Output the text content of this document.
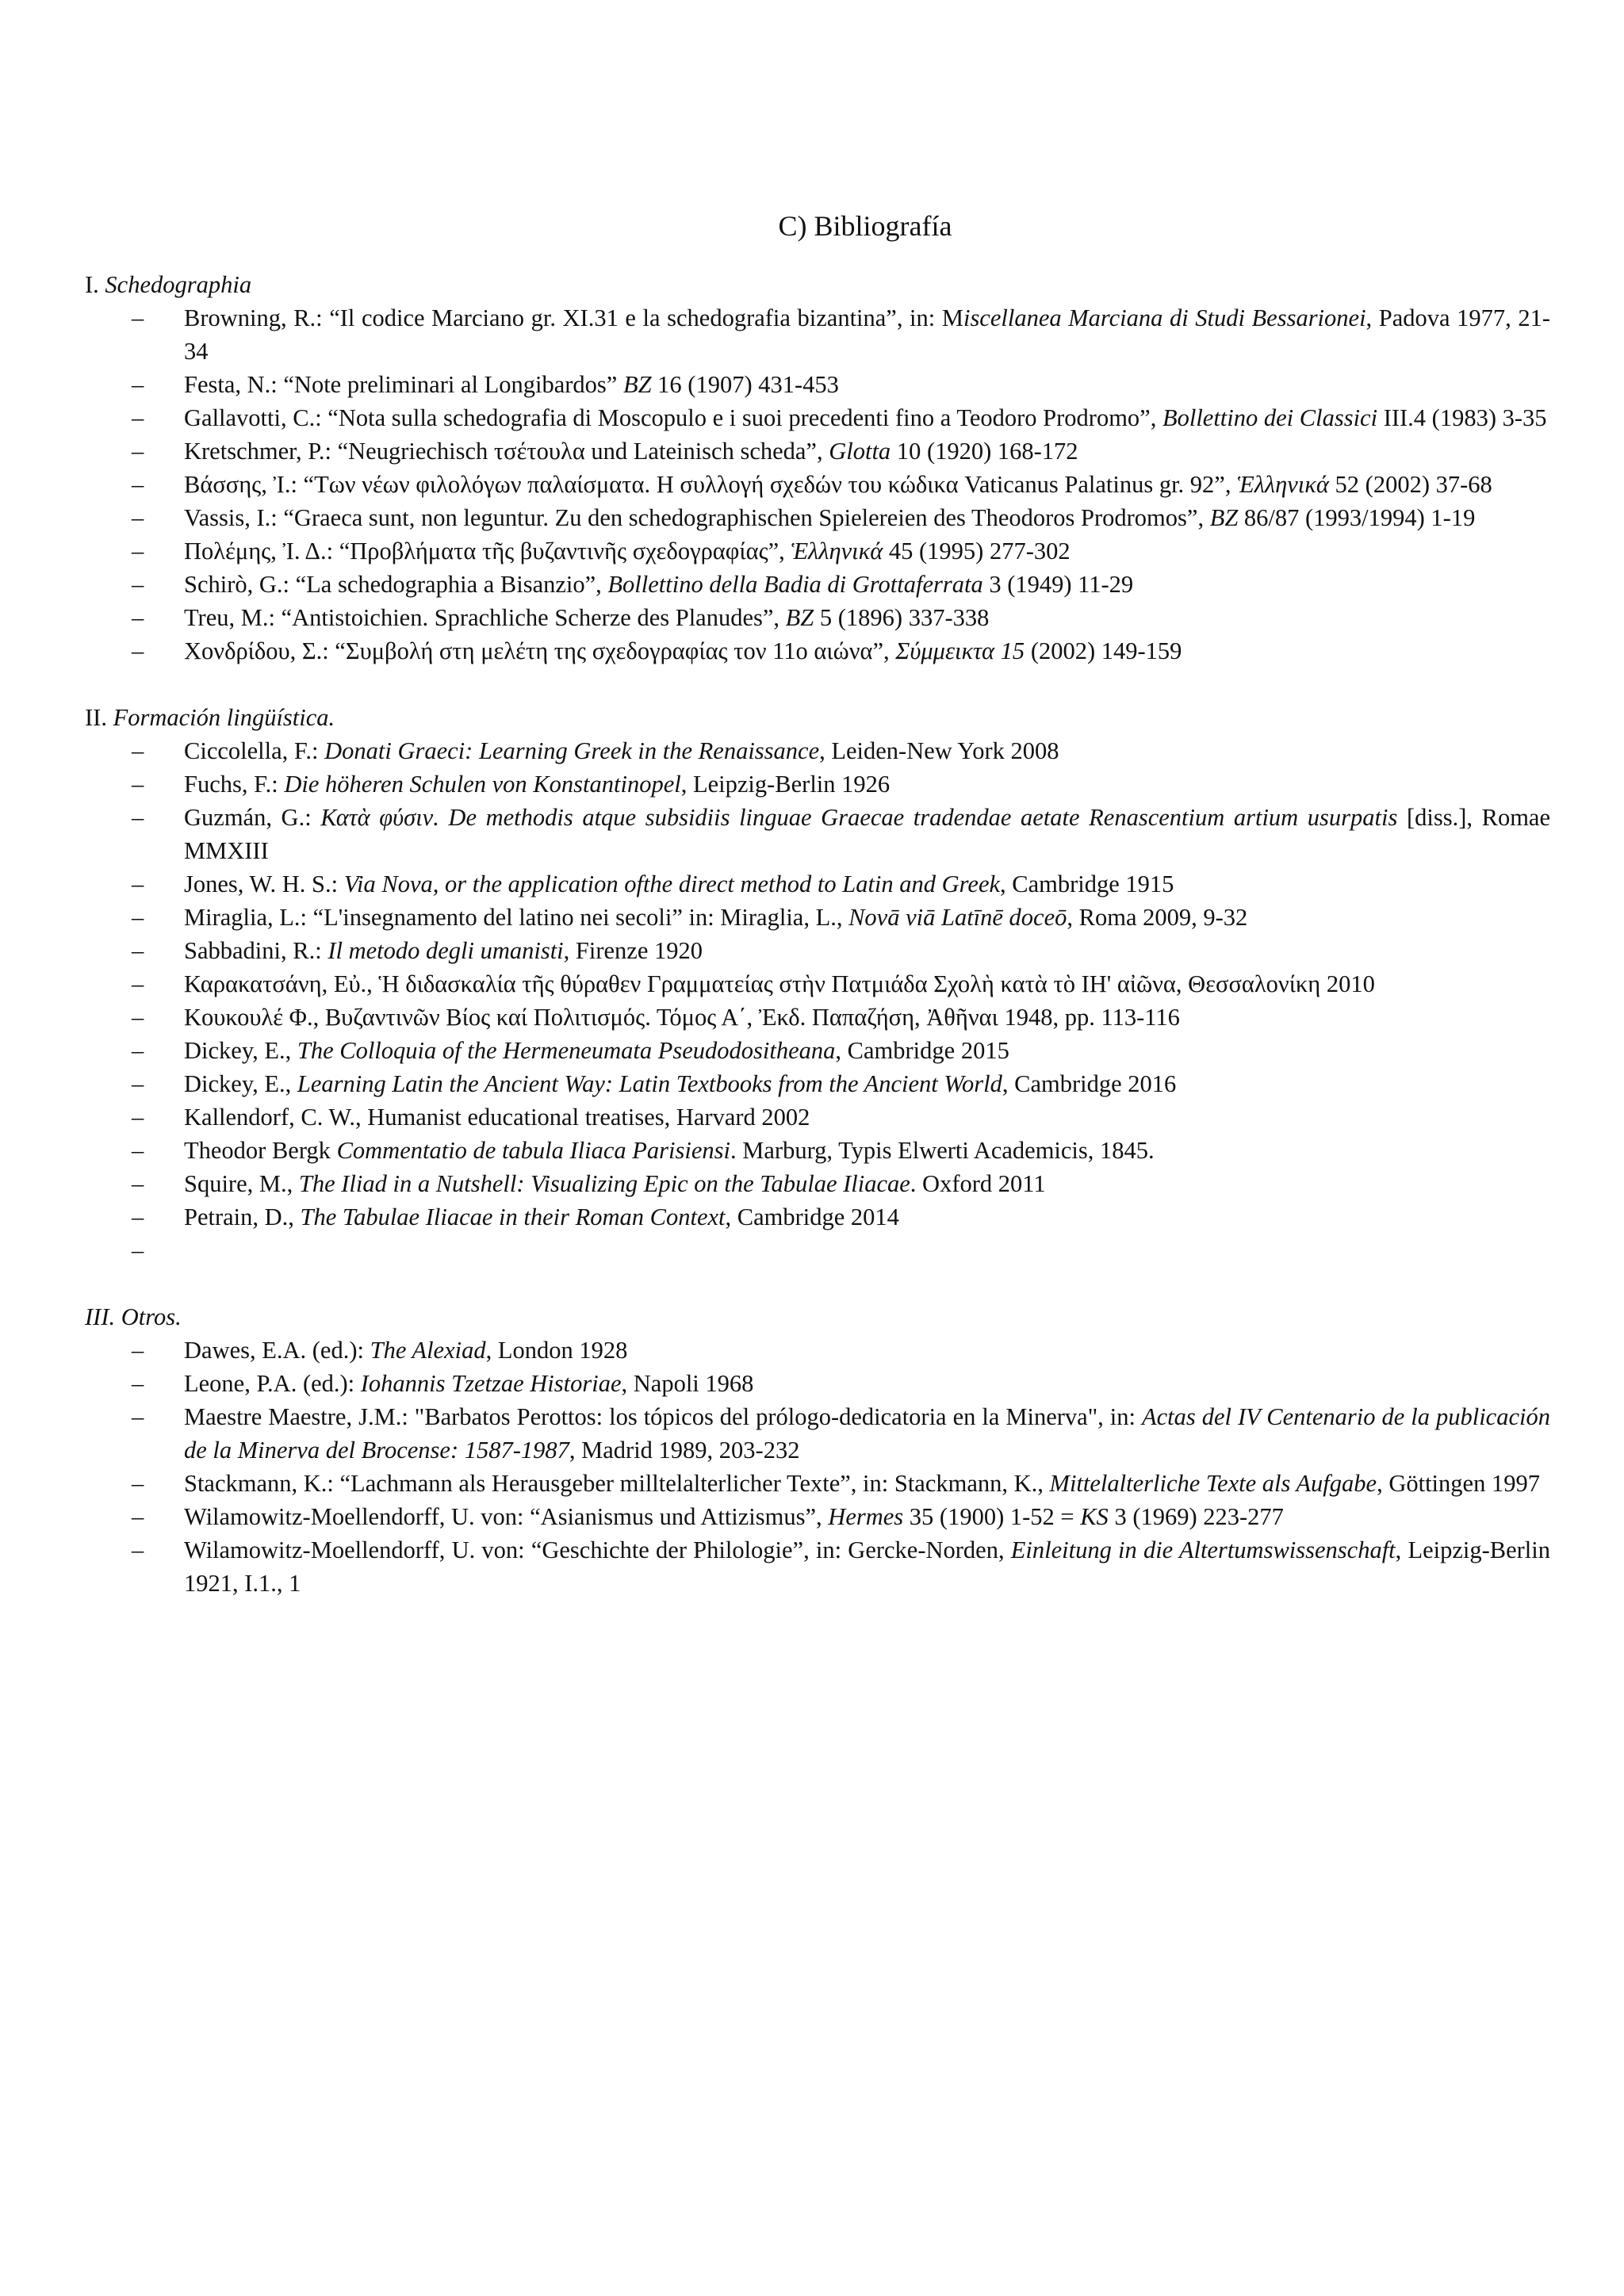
C) Bibliografía
I. Schedographia
– Browning, R.: “Il codice Marciano gr. XI.31 e la schedografia bizantina”, in: Miscellanea Marciana di Studi Bessarionei, Padova 1977, 21-34
– Festa, N.: “Note preliminari al Longibardos” BZ 16 (1907) 431-453
– Gallavotti, C.: “Nota sulla schedografia di Moscopulo e i suoi precedenti fino a Teodoro Prodromo”, Bollettino dei Classici III.4 (1983) 3-35
– Kretschmer, P.: “Neugriechisch τσέτουλα und Lateinisch scheda”, Glotta 10 (1920) 168-172
– Βάσσης, Ἰ.: “Των νέων φιλολόγων παλαίσματα. Η συλλογή σχεδών του κώδικα Vaticanus Palatinus gr. 92”, Ἑλληνικά 52 (2002) 37-68
– Vassis, I.: “Graeca sunt, non leguntur. Zu den schedographischen Spielereien des Theodoros Prodromos”, BZ 86/87 (1993/1994) 1-19
– Πολέμης, Ἰ. Δ.: “Προβλήματα τῆς βυζαντινῆς σχεδογραφίας”, Ἑλληνικά 45 (1995) 277-302
– Schirò, G.: “La schedographia a Bisanzio”, Bollettino della Badia di Grottaferrata 3 (1949) 11-29
– Treu, M.: “Antistoichien. Sprachliche Scherze des Planudes”, BZ 5 (1896) 337-338
– Χονδρίδου, Σ.: “Συμβολή στη μελέτη της σχεδογραφίας τον 11ο αιώνα”, Σύμμεικτα 15 (2002) 149-159
II. Formación lingüística.
– Ciccolella, F.: Donati Graeci: Learning Greek in the Renaissance, Leiden-New York 2008
– Fuchs, F.: Die höheren Schulen von Konstantinopel, Leipzig-Berlin 1926
– Guzmán, G.: Κατὰ φύσιν. De methodis atque subsidiis linguae Graecae tradendae aetate Renascentium artium usurpatis [diss.], Romae MMXIII
– Jones, W. H. S.: Via Nova, or the application ofthe direct method to Latin and Greek, Cambridge 1915
– Miraglia, L.: “L'insegnamento del latino nei secoli” in: Miraglia, L., Novā viā Latīnē doceō, Roma 2009, 9-32
– Sabbadini, R.: Il metodo degli umanisti, Firenze 1920
– Καρακατσάνη, Εὐ., Ἡ διδασκαλία τῆς θύραθεν Γραμματείας στὴν Πατμιάδα Σχολὴ κατὰ τὸ ΙΗ' αἰῶνα, Θεσσαλονίκη 2010
– Κουκουλέ Φ., Βυζαντινῶν Βίος καί Πολιτισμός. Τόμος Α΄, Ἐκδ. Παπαζήση, Ἀθῆναι 1948, pp. 113-116
– Dickey, E., The Colloquia of the Hermeneumata Pseudodositheana, Cambridge 2015
– Dickey, E., Learning Latin the Ancient Way: Latin Textbooks from the Ancient World, Cambridge 2016
– Kallendorf, C. W., Humanist educational treatises, Harvard 2002
– Theodor Bergk Commentatio de tabula Iliaca Parisiensi. Marburg, Typis Elwerti Academicis, 1845.
– Squire, M., The Iliad in a Nutshell: Visualizing Epic on the Tabulae Iliacae. Oxford 2011
– Petrain, D., The Tabulae Iliacae in their Roman Context, Cambridge 2014
–
III. Otros.
– Dawes, E.A. (ed.): The Alexiad, London 1928
– Leone, P.A. (ed.): Iohannis Tzetzae Historiae, Napoli 1968
– Maestre Maestre, J.M.: "Barbatos Perottos: los tópicos del prólogo-dedicatoria en la Minerva", in: Actas del IV Centenario de la publicación de la Minerva del Brocense: 1587-1987, Madrid 1989, 203-232
– Stackmann, K.: “Lachmann als Herausgeber milltelalterlicher Texte”, in: Stackmann, K., Mittelalterliche Texte als Aufgabe, Göttingen 1997
– Wilamowitz-Moellendorff, U. von: “Asianismus und Attizismus”, Hermes 35 (1900) 1-52 = KS 3 (1969) 223-277
– Wilamowitz-Moellendorff, U. von: “Geschichte der Philologie”, in: Gercke-Norden, Einleitung in die Altertumswissenschaft, Leipzig-Berlin 1921, I.1., 1
